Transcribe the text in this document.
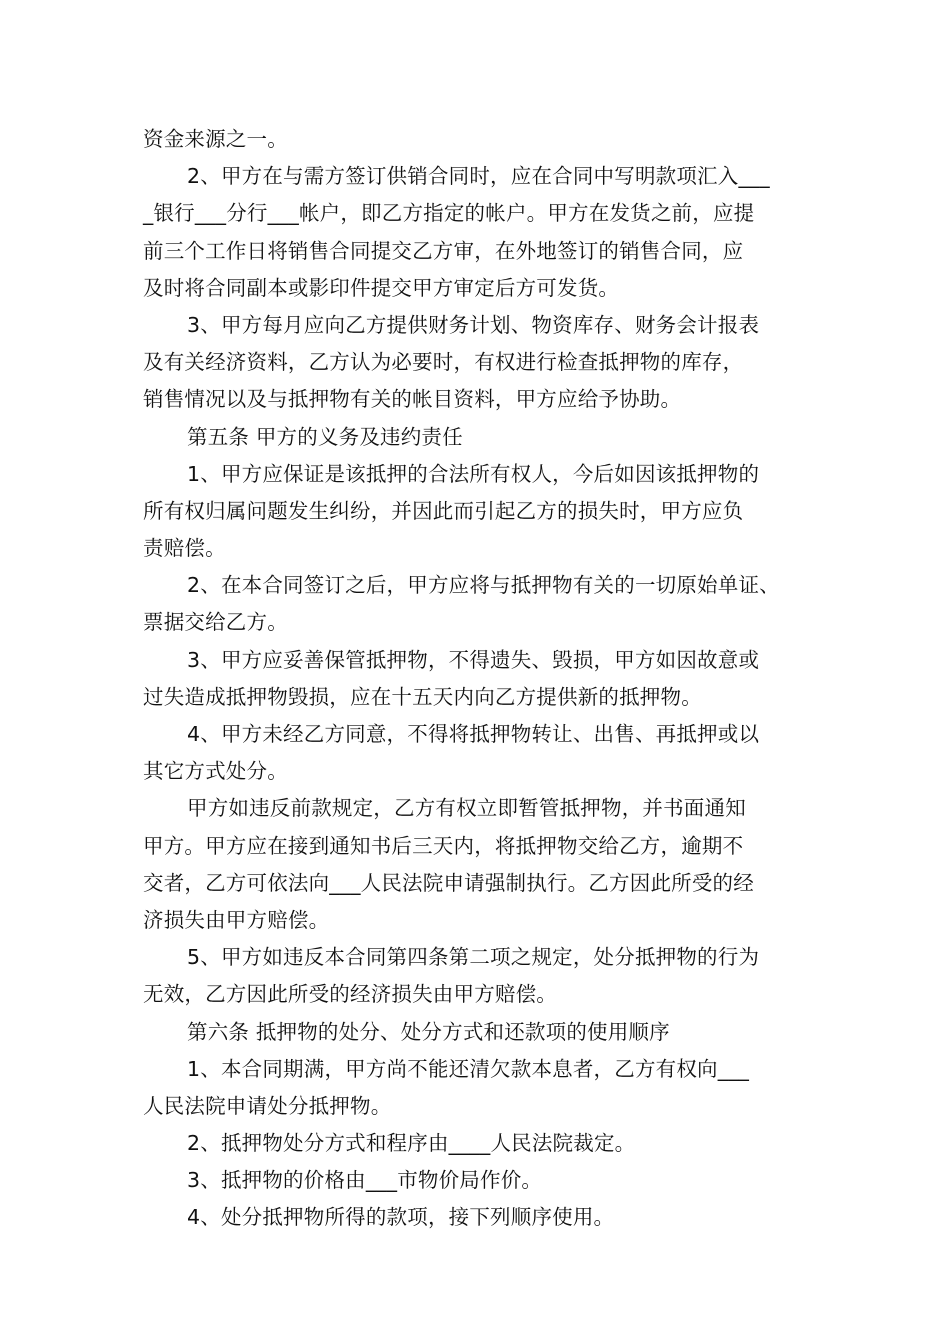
资金来源之一。
2、甲方在与需方签订供销合同时，应在合同中写明款项汇入___
_银行___分行___帐户，即乙方指定的帐户。甲方在发货之前，应提
前三个工作日将销售合同提交乙方审，在外地签订的销售合同，应
及时将合同副本或影印件提交甲方审定后方可发货。
3、甲方每月应向乙方提供财务计划、物资库存、财务会计报表
及有关经济资料，乙方认为必要时，有权进行检查抵押物的库存，
销售情况以及与抵押物有关的帐目资料，甲方应给予协助。
第五条 甲方的义务及违约责任
1、甲方应保证是该抵押的合法所有权人，今后如因该抵押物的
所有权归属问题发生纠纷，并因此而引起乙方的损失时，甲方应负
责赔偿。
2、在本合同签订之后，甲方应将与抵押物有关的一切原始单证、
票据交给乙方。
3、甲方应妥善保管抵押物，不得遗失、毁损，甲方如因故意或
过失造成抵押物毁损，应在十五天内向乙方提供新的抵押物。
4、甲方未经乙方同意，不得将抵押物转让、出售、再抵押或以
其它方式处分。
甲方如违反前款规定，乙方有权立即暂管抵押物，并书面通知
甲方。甲方应在接到通知书后三天内，将抵押物交给乙方，逾期不
交者，乙方可依法向___人民法院申请强制执行。乙方因此所受的经
济损失由甲方赔偿。
5、甲方如违反本合同第四条第二项之规定，处分抵押物的行为
无效，乙方因此所受的经济损失由甲方赔偿。
第六条 抵押物的处分、处分方式和还款项的使用顺序
1、本合同期满，甲方尚不能还清欠款本息者，乙方有权向___
人民法院申请处分抵押物。
2、抵押物处分方式和程序由____人民法院裁定。
3、抵押物的价格由___市物价局作价。
4、处分抵押物所得的款项，接下列顺序使用。
